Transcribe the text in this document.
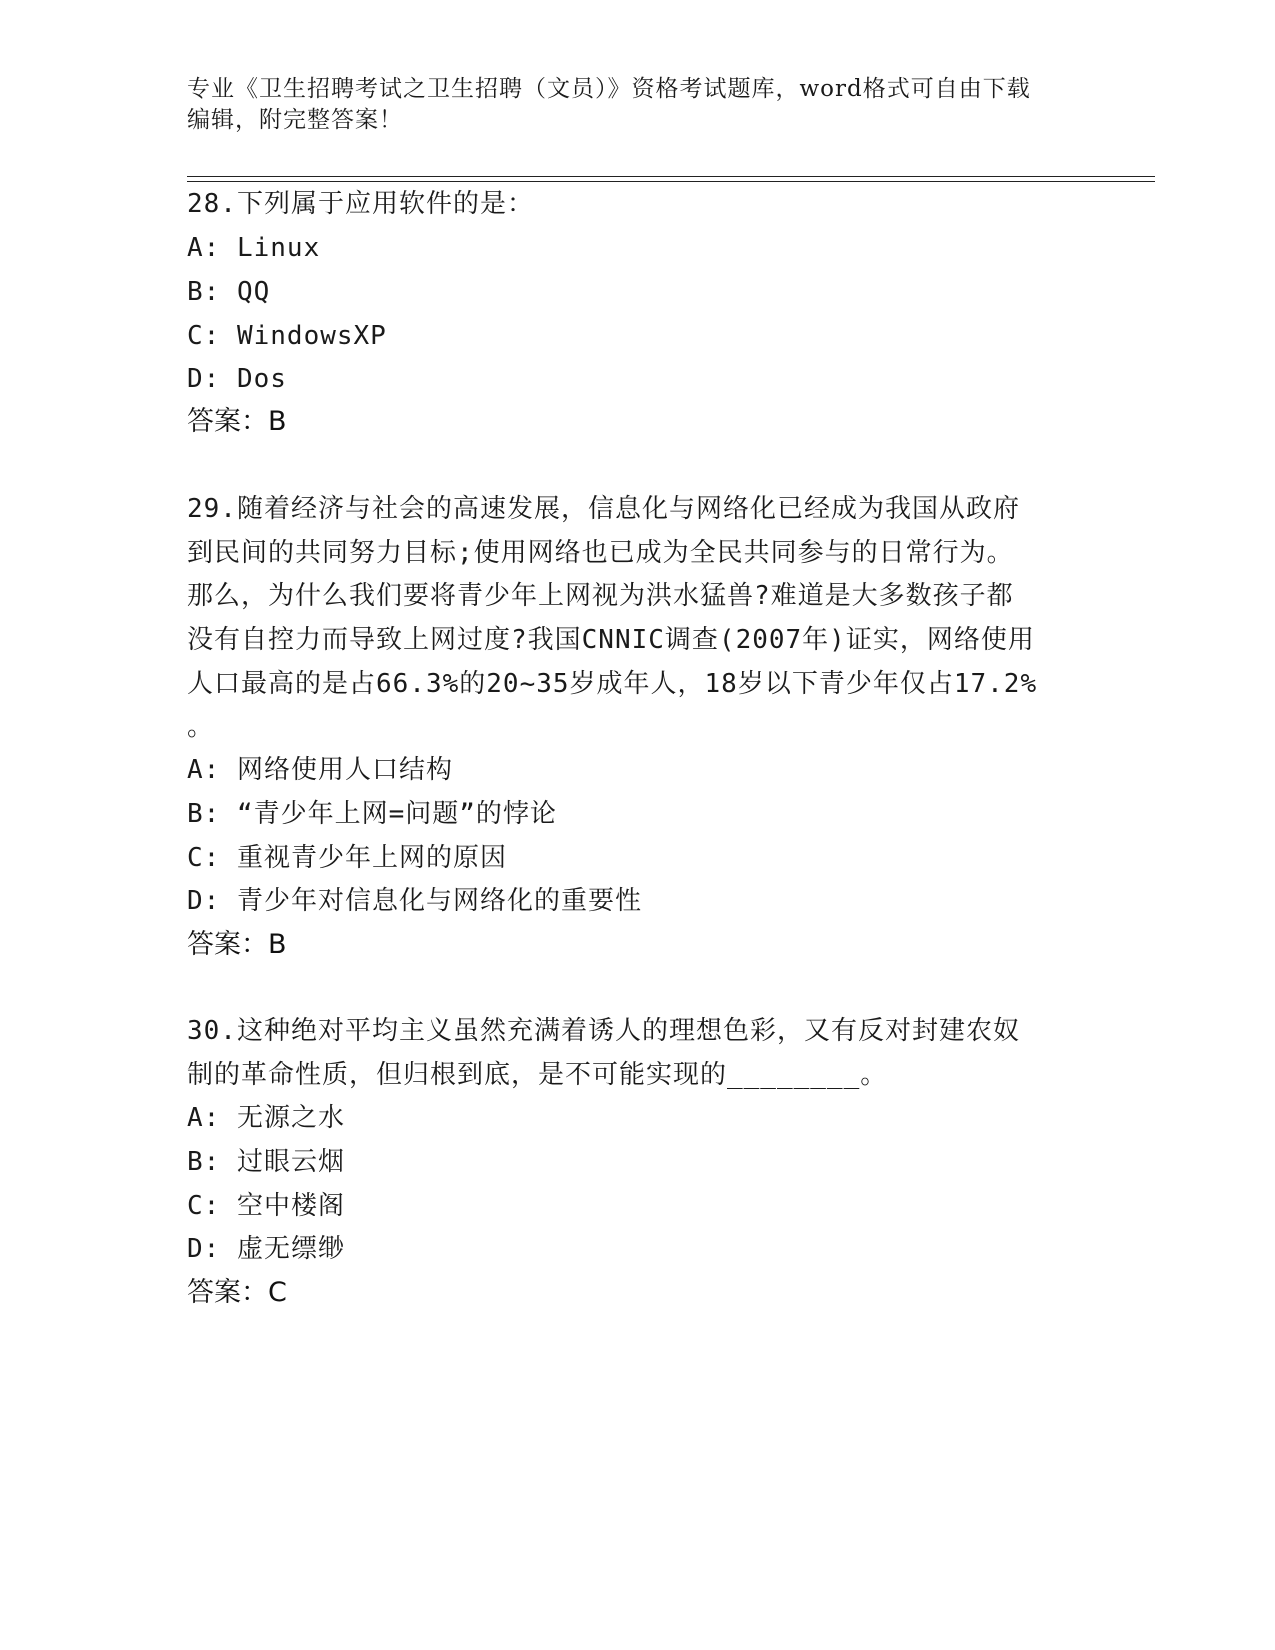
专业《卫生招聘考试之卫生招聘（文员）》资格考试题库，word格式可自由下载
编辑，附完整答案！
28.下列属于应用软件的是：
A: Linux
B: QQ
C: WindowsXP
D: Dos
答案：B
29.随着经济与社会的高速发展，信息化与网络化已经成为我国从政府
到民间的共同努力目标;使用网络也已成为全民共同参与的日常行为。
那么，为什么我们要将青少年上网视为洪水猛兽?难道是大多数孩子都
没有自控力而导致上网过度?我国CNNIC调查(2007年)证实，网络使用
人口最高的是占66.3%的20~35岁成年人，18岁以下青少年仅占17.2%
。
A: 网络使用人口结构
B: “青少年上网=问题”的悖论
C: 重视青少年上网的原因
D: 青少年对信息化与网络化的重要性
答案：B
30.这种绝对平均主义虽然充满着诱人的理想色彩，又有反对封建农奴
制的革命性质，但归根到底，是不可能实现的________。
A: 无源之水
B: 过眼云烟
C: 空中楼阁
D: 虚无缥缈
答案：C
